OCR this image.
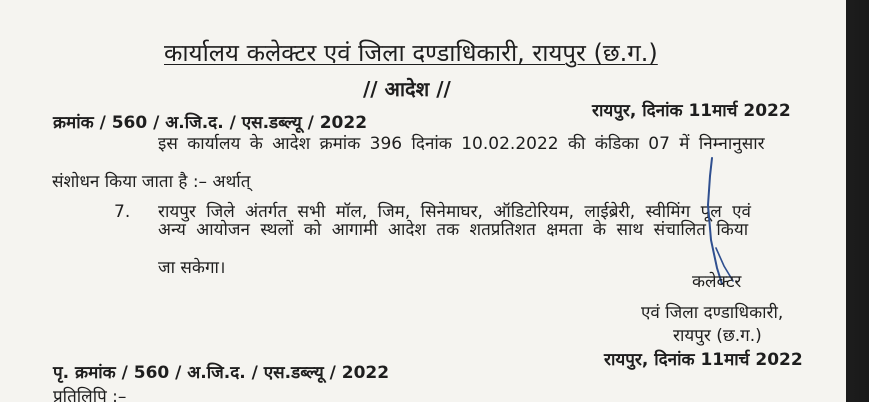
कार्यालय कलेक्टर एवं जिला दण्डाधिकारी, रायपुर (छ.ग.)
// आदेश //
क्रमांक / 560 / अ.जि.द. / एस.डब्ल्यू / 2022
रायपुर, दिनांक 11मार्च 2022
इस कार्यालय के आदेश क्रमांक 396 दिनांक 10.02.2022 की कंडिका 07 में निम्नानुसार
संशोधन किया जाता है :– अर्थात्
7. रायपुर जिले अंतर्गत सभी मॉल, जिम, सिनेमाघर, ऑडिटोरियम, लाईब्रेरी, स्वीमिंग पूल एवं
अन्य आयोजन स्थलों को आगामी आदेश तक शतप्रतिशत क्षमता के साथ संचालित किया
जा सकेगा।
कलेक्टर
एवं जिला दण्डाधिकारी,
रायपुर (छ.ग.)
रायपुर, दिनांक 11मार्च 2022
पृ. क्रमांक / 560 / अ.जि.द. / एस.डब्ल्यू / 2022
प्रतिलिपि :–
